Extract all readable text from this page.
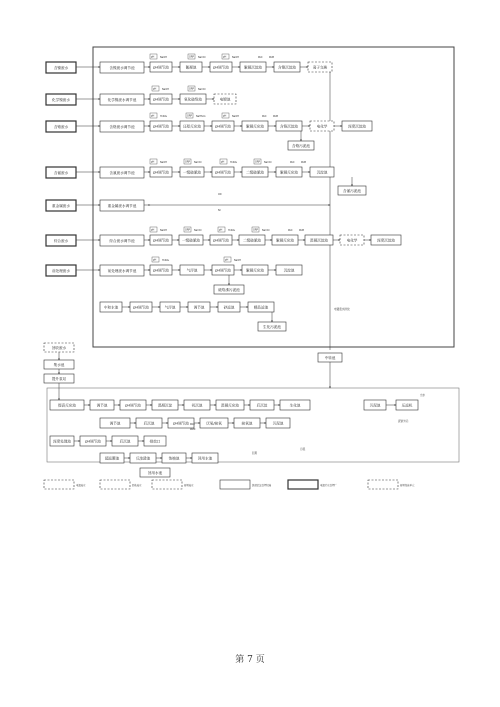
含镍废水	含镍废水调节池
化学镍废水	化学镍废水调节池
含铬废水	含铬废水调节池
含氰废水	含氰废水调节池
重金属废水	重金属废水调节池
综合废水	综合废水调节池
前处理废水	前处理废水调节池
pH调节池	絮凝池	pH调节池	絮凝沉淀池	含镍沉淀池	离子交换
pH调节池	氧化破络池	电镀池
pH调节池	还原反应池	pH调节池	絮凝反应池	含铬沉淀池	电化学	深度沉淀池
含铬污泥池
pH调节池	一级破氰池	pH调节池	二级破氰池	絮凝反应池	沉淀池
含氰污泥池
pH调节池	一级破氰池	pH调节池	二级破氰池	絮凝反应池	混凝沉淀池	电化学	深度沉淀池
pH调节池	气浮池	pH调节池	絮凝反应池	沉淀池
破络沸污泥池
中和水池	pH调节池	气浮池	调节池	砂滤池	精品滤池
生化污泥池
中转池
回收废水
集水池
提升泵站
提高反应池	调节池	pH调节池	混凝沉淀	初沉池	混凝反应池	后沉淀	生化池
调节池	后沉池	pH调节池	厌氧/缺氧	缺氧池	污泥池
深度处理池	pH调节池	后沉池	排放口
超滤膜池	反渗透池	浓缩池	回用水池
污泥池	压滤机
回用水池
pH NaOH	ORP NaClO	pH NaOH	PAC	PAM
pH NaOH	ORP NaClO
pH H₂SO₄	ORP NaHSO₃	pH NaOH	PAC	PAM
pH NaOH	ORP NaClO	pH H₂SO₄	ORP NaClO	PAC	PAM
CN
NI
pH NaOH	ORP NaClO	pH H₂SO₄	ORP NaClO	PAC	PAM
pH H₂SO₄	pH NaOH
电镀废水排放
泥饼外运
PAC
PAM
污泥
回用
出水
电镀废水	回收废水	新增废水	混凝沉淀处理设施	电镀污水处理厂	新增设施单元
第 7 页
